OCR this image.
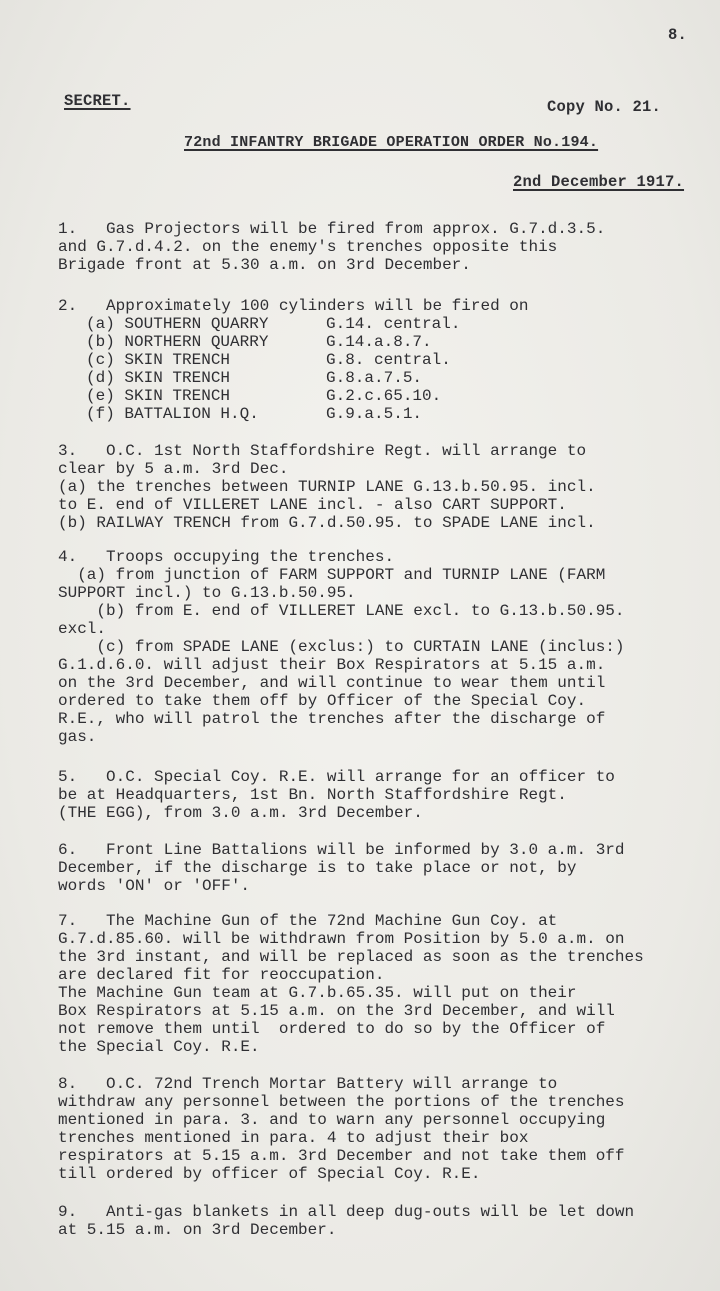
8.
SECRET.	Copy No. 21.
72nd INFANTRY BRIGADE OPERATION ORDER No.194.
2nd December 1917.
1.   Gas Projectors will be fired from approx. G.7.d.3.5.
and G.7.d.4.2. on the enemy's trenches opposite this
Brigade front at 5.30 a.m. on 3rd December.
2.   Approximately 100 cylinders will be fired on
(a) SOUTHERN QUARRY	G.14. central.
(b) NORTHERN QUARRY	G.14.a.8.7.
(c) SKIN TRENCH	G.8. central.
(d) SKIN TRENCH	G.8.a.7.5.
(e) SKIN TRENCH	G.2.c.65.10.
(f) BATTALION H.Q.	G.9.a.5.1.
3.   O.C. 1st North Staffordshire Regt. will arrange to
clear by 5 a.m. 3rd Dec.
(a) the trenches between TURNIP LANE G.13.b.50.95. incl.
to E. end of VILLERET LANE incl. - also CART SUPPORT.
(b) RAILWAY TRENCH from G.7.d.50.95. to SPADE LANE incl.
4.   Troops occupying the trenches.
(a) from junction of FARM SUPPORT and TURNIP LANE (FARM
SUPPORT incl.) to G.13.b.50.95.
(b) from E. end of VILLERET LANE excl. to G.13.b.50.95.
excl.
(c) from SPADE LANE (exclus:) to CURTAIN LANE (inclus:)
G.1.d.6.0. will adjust their Box Respirators at 5.15 a.m.
on the 3rd December, and will continue to wear them until
ordered to take them off by Officer of the Special Coy.
R.E., who will patrol the trenches after the discharge of
gas.
5.   O.C. Special Coy. R.E. will arrange for an officer to
be at Headquarters, 1st Bn. North Staffordshire Regt.
(THE EGG), from 3.0 a.m. 3rd December.
6.   Front Line Battalions will be informed by 3.0 a.m. 3rd
December, if the discharge is to take place or not, by
words 'ON' or 'OFF'.
7.   The Machine Gun of the 72nd Machine Gun Coy. at
G.7.d.85.60. will be withdrawn from Position by 5.0 a.m. on
the 3rd instant, and will be replaced as soon as the trenches
are declared fit for reoccupation.
The Machine Gun team at G.7.b.65.35. will put on their
Box Respirators at 5.15 a.m. on the 3rd December, and will
not remove them until  ordered to do so by the Officer of
the Special Coy. R.E.
8.   O.C. 72nd Trench Mortar Battery will arrange to
withdraw any personnel between the portions of the trenches
mentioned in para. 3. and to warn any personnel occupying
trenches mentioned in para. 4 to adjust their box
respirators at 5.15 a.m. 3rd December and not take them off
till ordered by officer of Special Coy. R.E.
9.   Anti-gas blankets in all deep dug-outs will be let down
at 5.15 a.m. on 3rd December.
